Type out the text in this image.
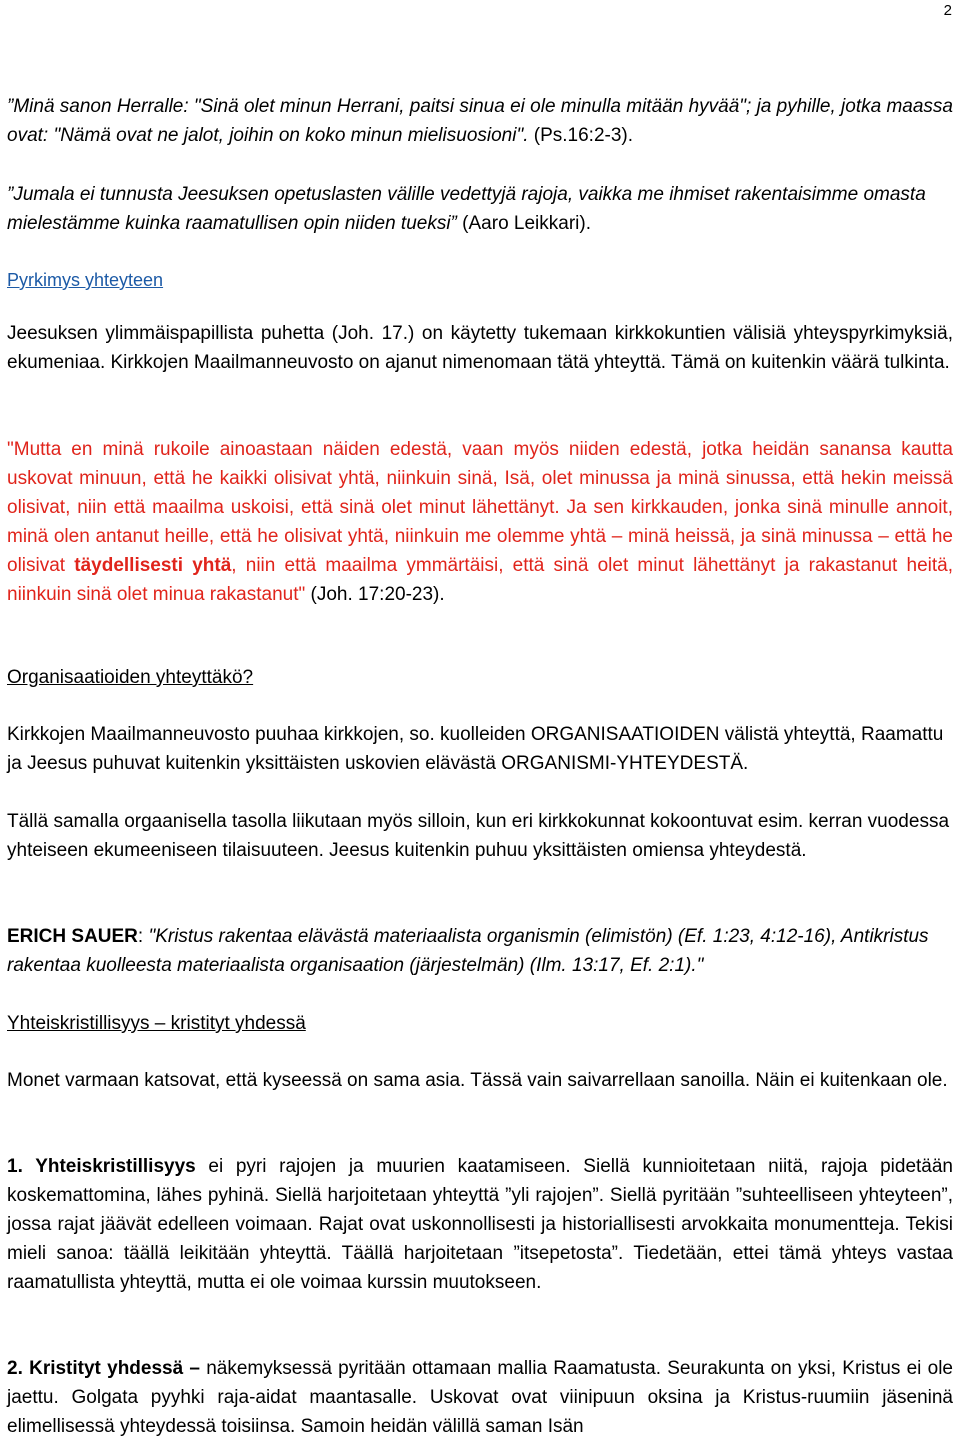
2

”Minä sanon Herralle: "Sinä olet minun Herrani, paitsi sinua ei ole minulla mitään hyvää"; ja pyhille, jotka maassa ovat: "Nämä ovat ne jalot, joihin on koko minun mielisuosioni". (Ps.16:2-3).

”Jumala ei tunnusta Jeesuksen opetuslasten välille vedettyjä rajoja, vaikka me ihmiset rakentaisimme omasta mielestämme kuinka raamatullisen opin niiden tueksi” (Aaro Leikkari).

Pyrkimys yhteyteen

Jeesuksen ylimmäispapillista puhetta (Joh. 17.) on käytetty tukemaan kirkkokuntien välisiä yhteyspyrkimyksiä, ekumeniaa. Kirkkojen Maailmanneuvosto on ajanut nimenomaan tätä yhteyttä. Tämä on kuitenkin väärä tulkinta.

"Mutta en minä rukoile ainoastaan näiden edestä, vaan myös niiden edestä, jotka heidän sanansa kautta uskovat minuun, että he kaikki olisivat yhtä, niinkuin sinä, Isä, olet minussa ja minä sinussa, että hekin meissä olisivat, niin että maailma uskoisi, että sinä olet minut lähettänyt. Ja sen kirkkauden, jonka sinä minulle annoit, minä olen antanut heille, että he olisivat yhtä, niinkuin me olemme yhtä – minä heissä, ja sinä minussa – että he olisivat täydellisesti yhtä, niin että maailma ymmärtäisi, että sinä olet minut lähettänyt ja rakastanut heitä, niinkuin sinä olet minua rakastanut" (Joh. 17:20-23).

Organisaatioiden yhteyttäkö?

Kirkkojen Maailmanneuvosto puuhaa kirkkojen, so. kuolleiden ORGANISAATIOIDEN välistä yhteyttä, Raamattu ja Jeesus puhuvat kuitenkin yksittäisten uskovien elävästä ORGANISMI-YHTEYDESTÄ.

Tällä samalla orgaanisella tasolla liikutaan myös silloin, kun eri kirkkokunnat kokoontuvat esim. kerran vuodessa yhteiseen ekumeeniseen tilaisuuteen. Jeesus kuitenkin puhuu yksittäisten omiensa yhteydestä.

ERICH SAUER: "Kristus rakentaa elävästä materiaalista organismin (elimistön) (Ef. 1:23, 4:12-16), Antikristus rakentaa kuolleesta materiaalista organisaation (järjestelmän) (Ilm. 13:17, Ef. 2:1)."

Yhteiskristillisyys – kristityt yhdessä

Monet varmaan katsovat, että kyseessä on sama asia. Tässä vain saivarrellaan sanoilla. Näin ei kuitenkaan ole.

1. Yhteiskristillisyys ei pyri rajojen ja muurien kaatamiseen. Siellä kunnioitetaan niitä, rajoja pidetään koskemattomina, lähes pyhinä. Siellä harjoitetaan yhteyttä ”yli rajojen”. Siellä pyritään ”suhteelliseen yhteyteen”, jossa rajat jäävät edelleen voimaan. Rajat ovat uskonnollisesti ja historiallisesti arvokkaita monumentteja. Tekisi mieli sanoa: täällä leikitään yhteyttä. Täällä harjoitetaan ”itsepetosta”. Tiedetään, ettei tämä yhteys vastaa raamatullista yhteyttä, mutta ei ole voimaa kurssin muutokseen.

2. Kristityt yhdessä – näkemyksessä pyritään ottamaan mallia Raamatusta. Seurakunta on yksi, Kristus ei ole jaettu. Golgata pyyhki raja-aidat maantasalle. Uskovat ovat viinipuun oksina ja Kristus-ruumiin jäseninä elimellisessä yhteydessä toisiinsa. Samoin heidän välillä saman Isän
